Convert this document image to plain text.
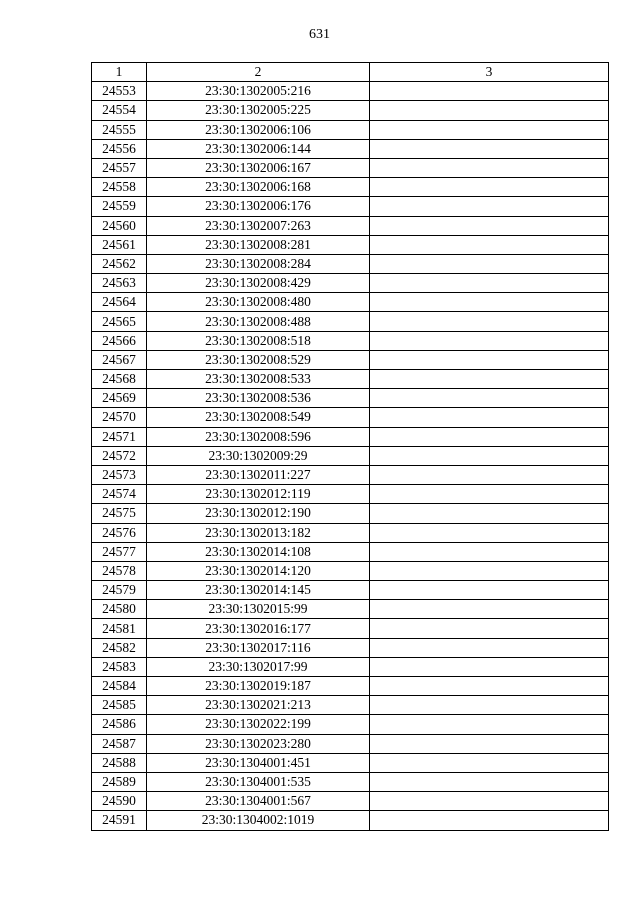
631
1	2	3
24553	23:30:1302005:216	
24554	23:30:1302005:225	
24555	23:30:1302006:106	
24556	23:30:1302006:144	
24557	23:30:1302006:167	
24558	23:30:1302006:168	
24559	23:30:1302006:176	
24560	23:30:1302007:263	
24561	23:30:1302008:281	
24562	23:30:1302008:284	
24563	23:30:1302008:429	
24564	23:30:1302008:480	
24565	23:30:1302008:488	
24566	23:30:1302008:518	
24567	23:30:1302008:529	
24568	23:30:1302008:533	
24569	23:30:1302008:536	
24570	23:30:1302008:549	
24571	23:30:1302008:596	
24572	23:30:1302009:29	
24573	23:30:1302011:227	
24574	23:30:1302012:119	
24575	23:30:1302012:190	
24576	23:30:1302013:182	
24577	23:30:1302014:108	
24578	23:30:1302014:120	
24579	23:30:1302014:145	
24580	23:30:1302015:99	
24581	23:30:1302016:177	
24582	23:30:1302017:116	
24583	23:30:1302017:99	
24584	23:30:1302019:187	
24585	23:30:1302021:213	
24586	23:30:1302022:199	
24587	23:30:1302023:280	
24588	23:30:1304001:451	
24589	23:30:1304001:535	
24590	23:30:1304001:567	
24591	23:30:1304002:1019	
